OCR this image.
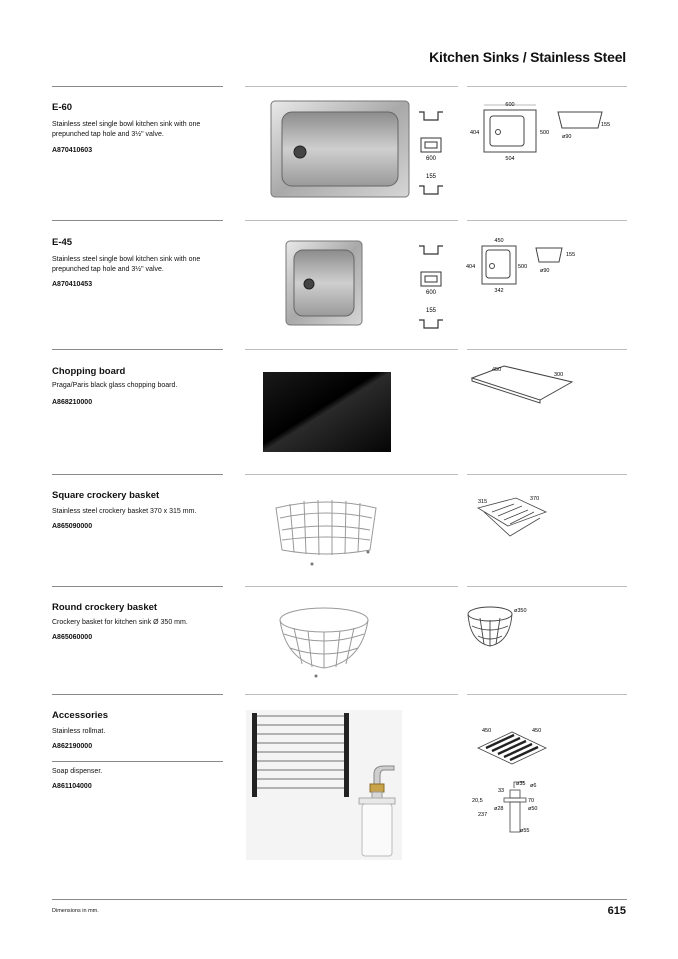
Kitchen Sinks / Stainless Steel
E-60
Stainless steel single bowl kitchen sink with one prepunched tap hole and 3½" valve.
A870410603
600
155
600
504
404	500
155
ø90
E-45
Stainless steel single bowl kitchen sink with one prepunched tap hole and 3½" valve.
A870410453
600
155
450
342
404	500
155
ø90
Chopping board
Praga/Paris black glass chopping board.
A868210000
450
300
Square crockery basket
Stainless steel crockery basket 370 x 315 mm.
A865090000
315	370
Round crockery basket
Crockery basket for kitchen sink Ø 350 mm.
A865060000
ø350
Accessories
Stainless rollmat.
A862190000
Soap dispenser.
A861104000
450	450
ø35 ø6
33
70
20,5
ø50
ø28
237
ø55
Dimensions in mm.	615
